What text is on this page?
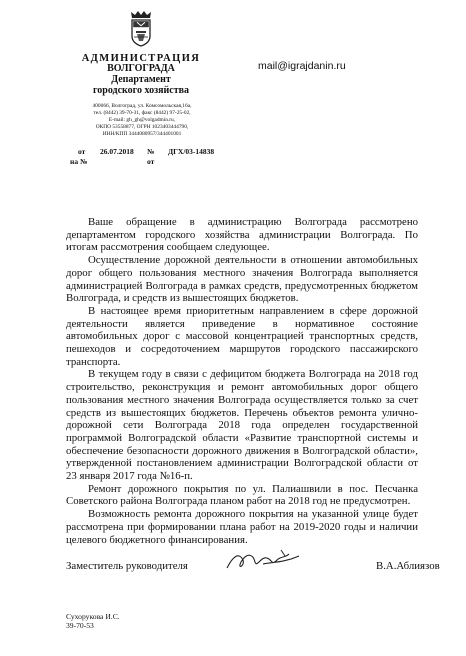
АДМИНИСТРАЦИЯ
ВОЛГОГРАДА
Департамент
городского хозяйства
400066, Волгоград, ул. Комсомольская,16а,
тел. (8442) 39-70-31, факс (8442) 97-25-02,
E-mail: gh_gh@volgadmin.ru,
ОКПО 53558877, ОГРН 1023403444790,
ИНН/КПП 3444080957/344401001
mail@igrajdanin.ru
от 26.07.2018 № ДГХ/03-14838
на №	от

Ваше обращение в администрацию Волгограда рассмотрено департаментом городского хозяйства администрации Волгограда. По итогам рассмотрения сообщаем следующее.

Осуществление дорожной деятельности в отношении автомобильных дорог общего пользования местного значения Волгограда выполняется администрацией Волгограда в рамках средств, предусмотренных бюджетом Волгограда, и средств из вышестоящих бюджетов.

В настоящее время приоритетным направлением в сфере дорожной деятельности является приведение в нормативное состояние автомобильных дорог с массовой концентрацией транспортных средств, пешеходов и сосредоточением маршрутов городского пассажирского транспорта.

В текущем году в связи с дефицитом бюджета Волгограда на 2018 год строительство, реконструкция и ремонт автомобильных дорог общего пользования местного значения Волгограда осуществляется только за счет средств из вышестоящих бюджетов. Перечень объектов ремонта улично-дорожной сети Волгограда 2018 года определен государственной программой Волгоградской области «Развитие транспортной системы и обеспечение безопасности дорожного движения в Волгоградской области», утвержденной постановлением администрации Волгоградской области от 23 января 2017 года №16-п.

Ремонт дорожного покрытия по ул. Палиашвили в пос. Песчанка Советского района Волгограда планом работ на 2018 год не предусмотрен.

Возможность ремонта дорожного покрытия на указанной улице будет рассмотрена при формировании плана работ на 2019-2020 годы и наличии целевого бюджетного финансирования.

Заместитель руководителя	В.А.Аблиязов
Сухорукова И.С.
39-70-53
